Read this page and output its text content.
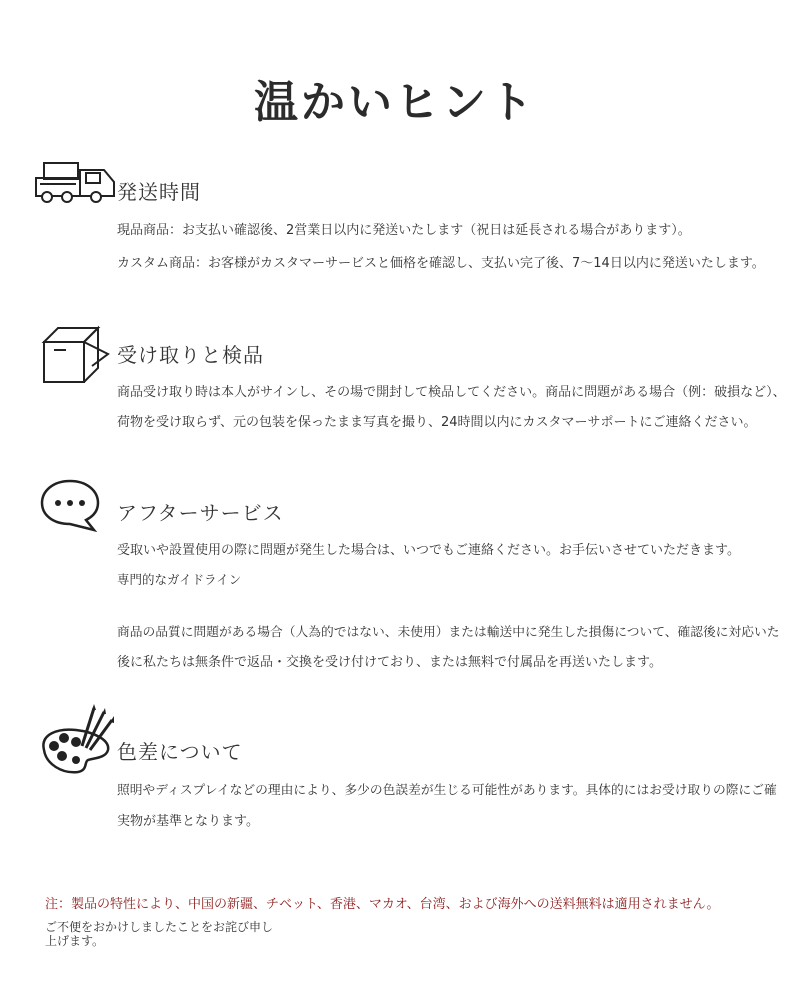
温かいヒント
発送時間
現品商品：お支払い確認後、2営業日以内に発送いたします（祝日は延長される場合があります）。
カスタム商品：お客様がカスタマーサービスと価格を確認し、支払い完了後、7〜14日以内に発送いたします。
受け取りと検品
商品受け取り時は本人がサインし、その場で開封して検品してください。商品に問題がある場合（例：破損など）、
荷物を受け取らず、元の包装を保ったまま写真を撮り、24時間以内にカスタマーサポートにご連絡ください。
アフターサービス
受取いや設置使用の際に問題が発生した場合は、いつでもご連絡ください。お手伝いさせていただきます。
専門的なガイドライン
商品の品質に問題がある場合（人為的ではない、未使用）または輸送中に発生した損傷について、確認後に対応いた
後に私たちは無条件で返品・交換を受け付けており、または無料で付属品を再送いたします。
色差について
照明やディスプレイなどの理由により、多少の色誤差が生じる可能性があります。具体的にはお受け取りの際にご確
実物が基準となります。
注：製品の特性により、中国の新疆、チベット、香港、マカオ、台湾、および海外への送料無料は適用されません。
ご不便をおかけしましたことをお詫び申し上げます。
